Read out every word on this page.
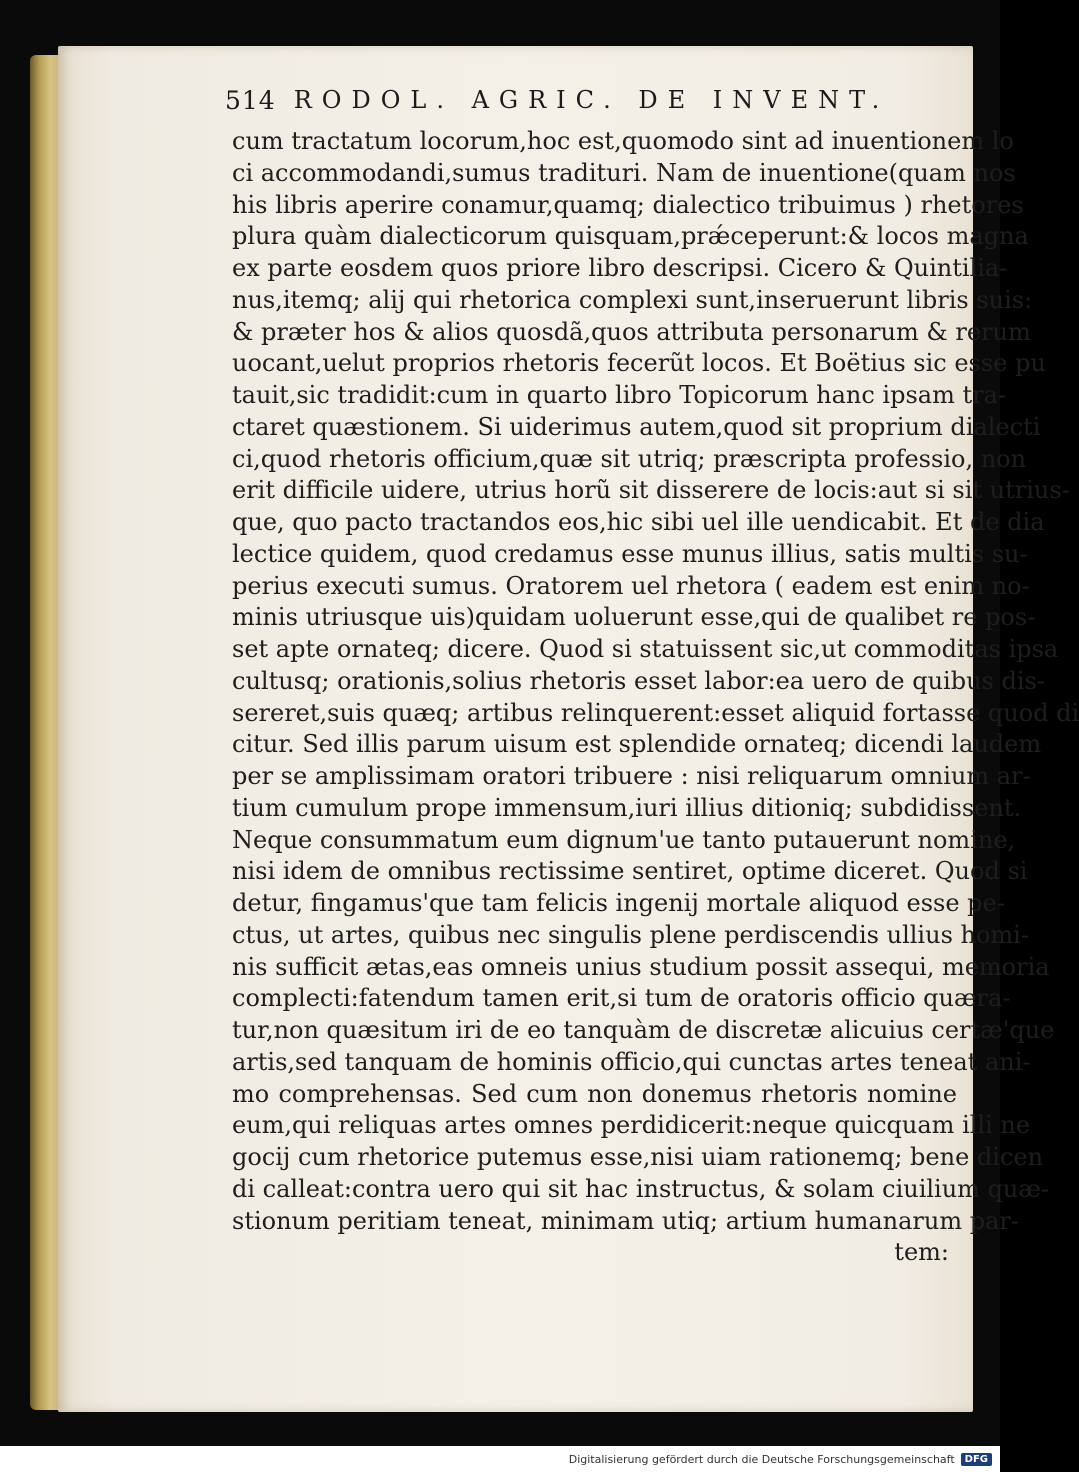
514 RODOL. AGRIC. DE INVENT.
cum tractatum locorum,hoc est,quomodo sint ad inuentionem lo
ci accommodandi,sumus tradituri. Nam de inuentione(quam nos
his libris aperire conamur,quamq; dialectico tribuimus ) rhetores
plura quàm dialecticorum quisquam,prǽceperunt:& locos magna
ex parte eosdem quos priore libro descripsi. Cicero & Quintilia-
nus,itemq; alij qui rhetorica complexi sunt,inseruerunt libris suis:
& præter hos & alios quosdã,quos attributa personarum & rerum
uocant,uelut proprios rhetoris fecerũt locos. Et Boëtius sic esse pu
tauit,sic tradidit:cum in quarto libro Topicorum hanc ipsam tra-
ctaret quæstionem. Si uiderimus autem,quod sit proprium dialecti
ci,quod rhetoris officium,quæ sit utriq; præscripta professio, non
erit difficile uidere, utrius horũ sit disserere de locis:aut si sit utrius-
que, quo pacto tractandos eos,hic sibi uel ille uendicabit. Et de dia
lectice quidem, quod credamus esse munus illius, satis multis su-
perius executi sumus. Oratorem uel rhetora ( eadem est enim no-
minis utriusque uis)quidam uoluerunt esse,qui de qualibet re pos-
set apte ornateq; dicere. Quod si statuissent sic,ut commoditas ipsa
cultusq; orationis,solius rhetoris esset labor:ea uero de quibus dis-
sereret,suis quæq; artibus relinquerent:esset aliquid fortasse quod di
citur. Sed illis parum uisum est splendide ornateq; dicendi laudem
per se amplissimam oratori tribuere : nisi reliquarum omnium ar-
tium cumulum prope immensum,iuri illius ditioniq; subdidissent.
Neque consummatum eum dignum'ue tanto putauerunt nomine,
nisi idem de omnibus rectissime sentiret, optime diceret. Quod si
detur, fingamus'que tam felicis ingenij mortale aliquod esse pe-
ctus, ut artes, quibus nec singulis plene perdiscendis ullius homi-
nis sufficit ætas,eas omneis unius studium possit assequi, memoria
complecti:fatendum tamen erit,si tum de oratoris officio quæra-
tur,non quæsitum iri de eo tanquàm de discretæ alicuius certæ'que
artis,sed tanquam de hominis officio,qui cunctas artes teneat ani-
mo comprehensas. Sed cum non donemus rhetoris nomine
eum,qui reliquas artes omnes perdidicerit:neque quicquam illi ne
gocij cum rhetorice putemus esse,nisi uiam rationemq; bene dicen
di calleat:contra uero qui sit hac instructus, & solam ciuilium quæ-
stionum peritiam teneat, minimam utiq; artium humanarum par-
tem:
Digitalisierung gefördert durch die Deutsche Forschungsgemeinschaft	DFG
